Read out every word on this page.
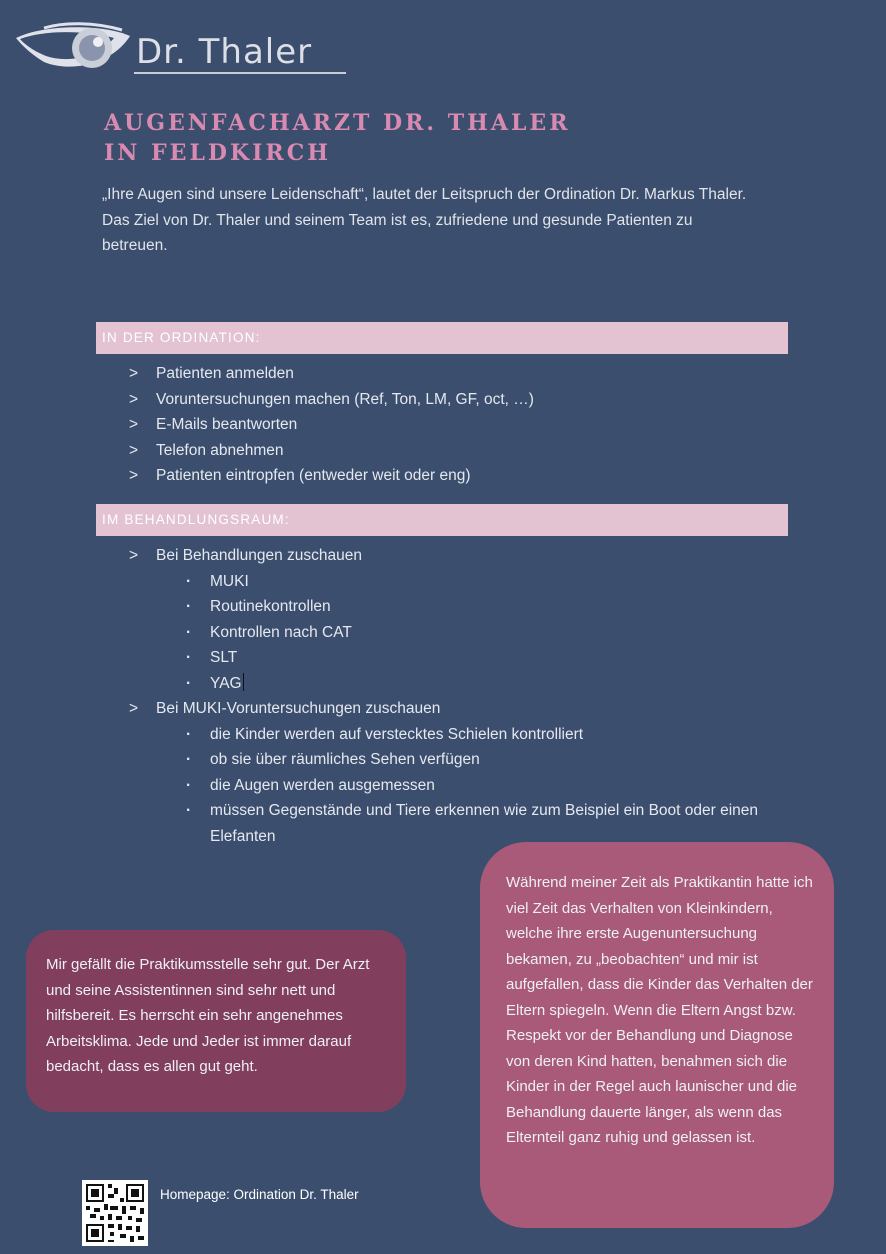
Dr. Thaler
AUGENFACHARZT DR. THALER
IN FELDKIRCH

„Ihre Augen sind unsere Leidenschaft“, lautet der Leitspruch der Ordination Dr. Markus Thaler.

Das Ziel von Dr. Thaler und seinem Team ist es, zufriedene und gesunde Patienten zu betreuen.

IN DER ORDINATION:
> Patienten anmelden
> Voruntersuchungen machen (Ref, Ton, LM, GF, oct, …)
> E-Mails beantworten
> Telefon abnehmen
> Patienten eintropfen (entweder weit oder eng)
IM BEHANDLUNGSRAUM:
> Bei Behandlungen zuschauen
· MUKI
· Routinekontrollen
· Kontrollen nach CAT
· SLT
· YAG
> Bei MUKI-Voruntersuchungen zuschauen
· die Kinder werden auf verstecktes Schielen kontrolliert
· ob sie über räumliches Sehen verfügen
· die Augen werden ausgemessen
· müssen Gegenstände und Tiere erkennen wie zum Beispiel ein Boot oder einen Elefanten
Mir gefällt die Praktikumsstelle sehr gut. Der Arzt und seine Assistentinnen sind sehr nett und hilfsbereit. Es herrscht ein sehr angenehmes Arbeitsklima. Jede und Jeder ist immer darauf bedacht, dass es allen gut geht.
Während meiner Zeit als Praktikantin hatte ich viel Zeit das Verhalten von Kleinkindern, welche ihre erste Augenuntersuchung bekamen, zu „beobachten“ und mir ist aufgefallen, dass die Kinder das Verhalten der Eltern spiegeln. Wenn die Eltern Angst bzw. Respekt vor der Behandlung und Diagnose von deren Kind hatten, benahmen sich die Kinder in der Regel auch launischer und die Behandlung dauerte länger, als wenn das Elternteil ganz ruhig und gelassen ist.
Homepage: Ordination Dr. Thaler
